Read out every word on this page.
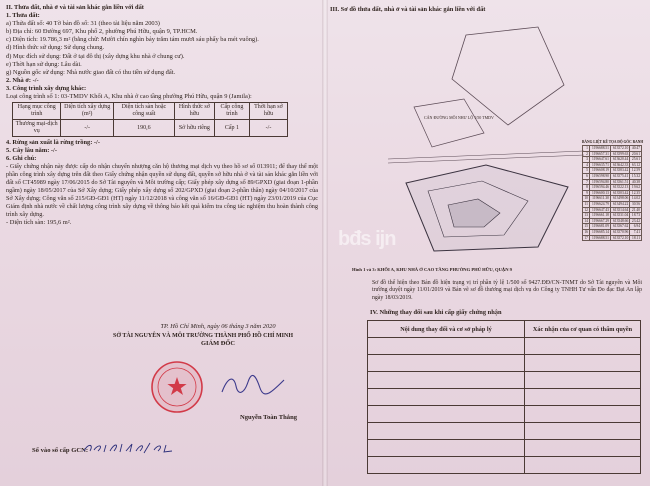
II. Thửa đất, nhà ở và tài sản khác gắn liền với đất
1. Thửa đất:
a) Thửa đất số: 40 Tờ bản đồ số: 31 (theo tài liệu năm 2003)
b) Địa chỉ: 60 Đường 697, Khu phố 2, phường Phú Hữu, quận 9, TP.HCM.
c) Diện tích: 19.786,3 m² (bằng chữ: Mười chín nghìn bảy trăm tám mươi sáu phẩy ba mét vuông).
d) Hình thức sử dụng: Sử dụng chung.
đ) Mục đích sử dụng: Đất ở tại đô thị (xây dựng khu nhà ở chung cư).
e) Thời hạn sử dụng: Lâu dài.
g) Nguồn gốc sử dụng: Nhà nước giao đất có thu tiền sử dụng đất.
2. Nhà ở: -/-
3. Công trình xây dựng khác:
Loại công trình số 1: 03-TMDV Khối A, Khu nhà ở cao tầng phường Phú Hữu, quận 9 (Jamila):
Hạng mục công trình	Diện tích xây dựng (m²)	Diện tích sàn hoặc công suất	Hình thức sở hữu	Cấp công trình	Thời hạn sở hữu
Thương mại-dịch vụ	-/-	190,6	Sở hữu riêng	Cấp 1	-/-
4. Rừng sản xuất là rừng trồng: -/-
5. Cây lâu năm: -/-
6. Ghi chú:
- Giấy chứng nhận này được cấp do nhận chuyển nhượng căn hộ thương mại dịch vụ theo hồ sơ số 013911; để thay thế một phần công trình xây dựng trên đất theo Giấy chứng nhận quyền sử dụng đất, quyền sở hữu nhà ở và tài sản khác gắn liền với đất số CT45989 ngày 17/06/2015 do Sở Tài nguyên và Môi trường cấp; Giấy phép xây dựng số 89/GPXD (giai đoạn 1-phần ngầm) ngày 18/05/2017 của Sở Xây dựng; Giấy phép xây dựng số 202/GPXD (giai đoạn 2-phần thân) ngày 04/10/2017 của Sở Xây dựng; Công văn số 215/GĐ-GĐ1 (HT) ngày 11/12/2018 và công văn số 16/GĐ-GĐ1 (HT) ngày 23/01/2019 của Cục Giám định nhà nước về chất lượng công trình xây dựng về thông báo kết quả kiểm tra công tác nghiệm thu hoàn thành công trình xây dựng.
- Diện tích sàn: 195,6 m².
TP. Hồ Chí Minh, ngày 06 tháng 3 năm 2020
SỞ TÀI NGUYÊN VÀ MÔI TRƯỜNG THÀNH PHỐ HỒ CHÍ MINH
GIÁM ĐỐC
Nguyễn Toàn Thắng
Số vào sổ cấp GCN:
III. Sơ đồ thửa đất, nhà ở và tài sản khác gắn liền với đất
CÁN ĐƯỜNG MÔI NHƯ LỘ 1/50 TMDV
Hình 1 và 3: KHỐI A, KHU NHÀ Ở CAO TẦNG PHƯỜNG PHÚ HỮU, QUẬN 9
bđs ijn
BẢNG LIỆT KÊ TỌA ĐỘ GÓC RANH
1	1196688.51	613572.10	40.47
2	1196657.31	613599.63	20.61
3	1196647.61	613620.44	25.61
4	1196635.71	613642.33	63.12
5	1196608.19	613583.42	12.59
6	1196598.90	613575.41	15.32
7	1196594.80	613561.51	40.38
8	1196594.46	613522.13	19.62
9	1196600.13	613503.42	12.35
10	1196611.30	613498.06	14.02
11	1196624.79	613494.22	30.56
12	1196647.43	613514.64	21.40
13	1196661.18	613531.04	18.73
14	1196667.29	613548.66	23.42
15	1196681.09	613567.62	6.94
16	1196685.14	613570.96	7.41
17	1196688.51	613572.10	18.11
Sơ đồ thể hiện theo Bản đồ hiện trạng vị trí phần tỷ lệ 1/500 số 9427.ĐĐ/CN-TNMT do Sở Tài nguyên và Môi trường duyệt ngày 11/01/2019 và Bản vẽ sơ đồ thương mại dịch vụ do Công ty TNHH Tư vấn Đo đạc Đại An lập ngày 18/03/2019.
IV. Những thay đổi sau khi cấp giấy chứng nhận
Nội dung thay đổi và cơ sở pháp lý	Xác nhận của cơ quan có thẩm quyền
